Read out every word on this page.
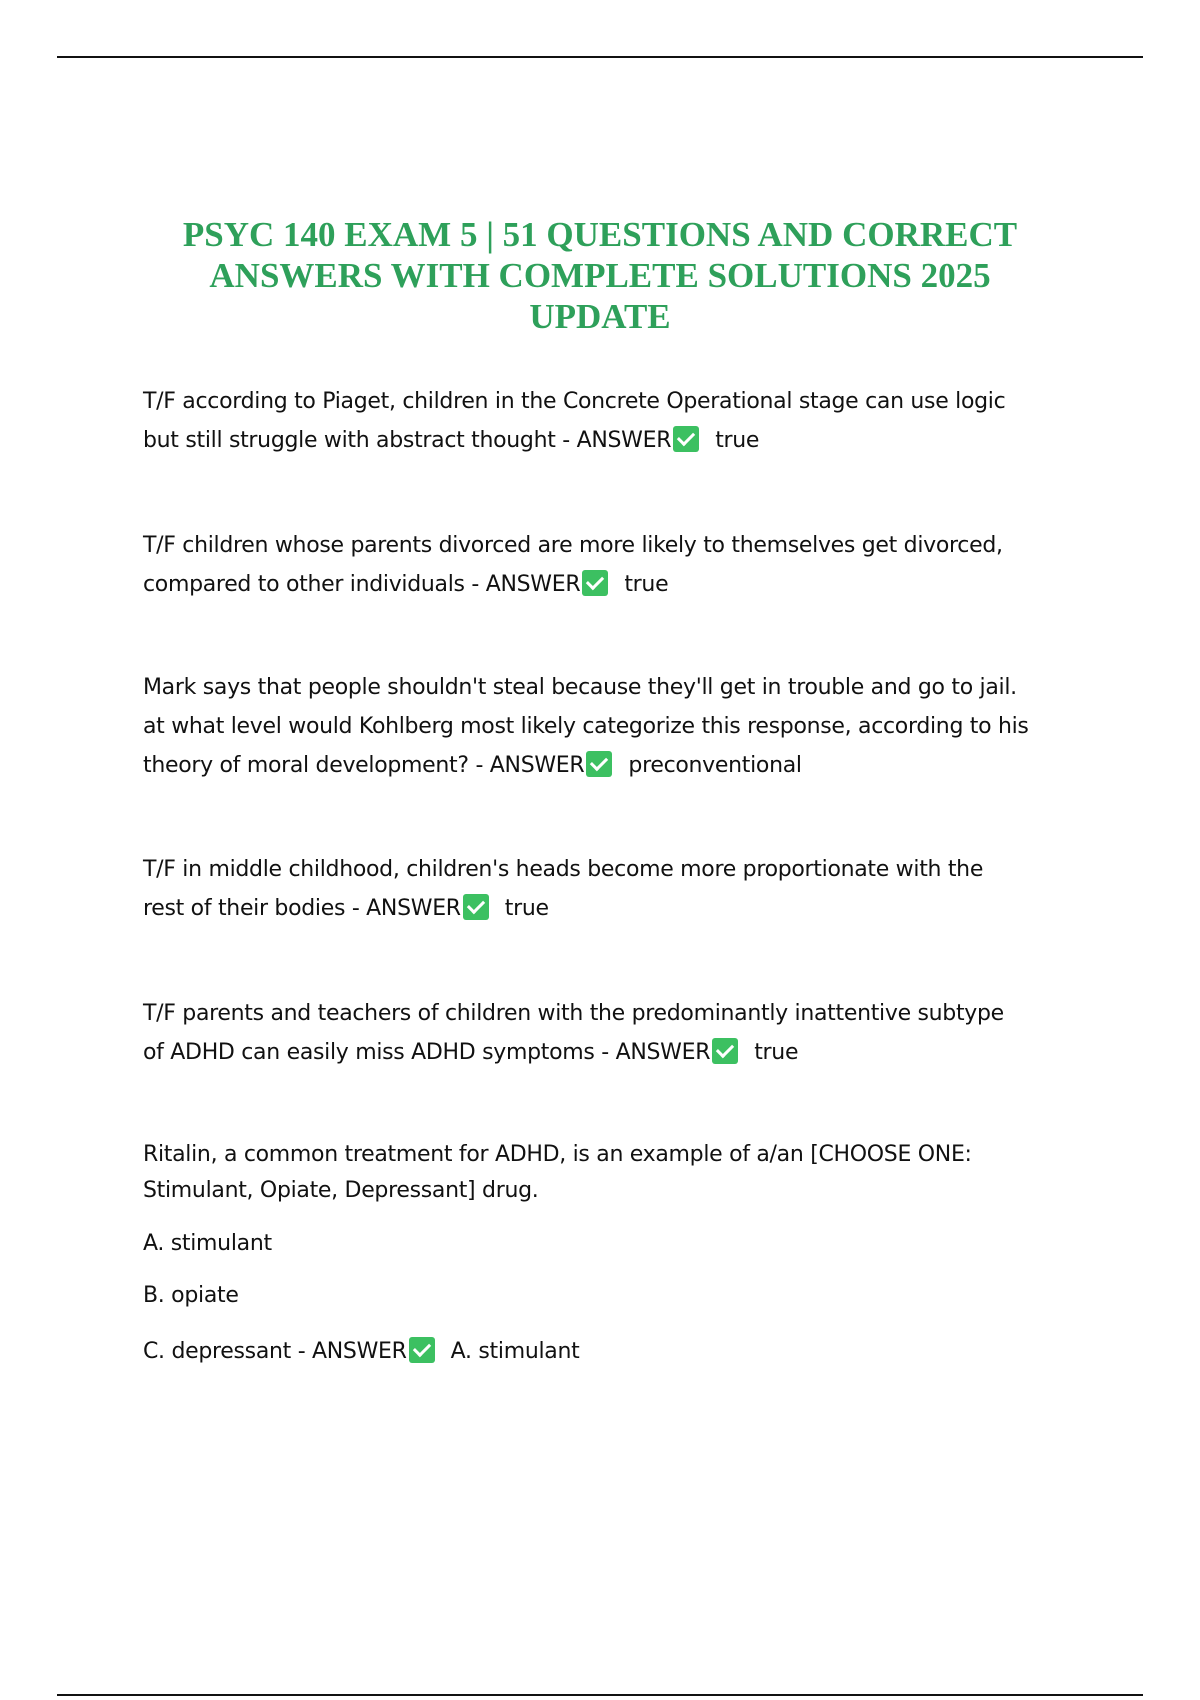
PSYC 140 EXAM 5 | 51 QUESTIONS AND CORRECT
ANSWERS WITH COMPLETE SOLUTIONS 2025
UPDATE
T/F according to Piaget, children in the Concrete Operational stage can use logic
but still struggle with abstract thought - ANSWER true
T/F children whose parents divorced are more likely to themselves get divorced,
compared to other individuals - ANSWER true
Mark says that people shouldn't steal because they'll get in trouble and go to jail.
at what level would Kohlberg most likely categorize this response, according to his
theory of moral development? - ANSWER preconventional
T/F in middle childhood, children's heads become more proportionate with the
rest of their bodies - ANSWER true
T/F parents and teachers of children with the predominantly inattentive subtype
of ADHD can easily miss ADHD symptoms - ANSWER true
Ritalin, a common treatment for ADHD, is an example of a/an [CHOOSE ONE:
Stimulant, Opiate, Depressant] drug.
A. stimulant
B. opiate
C. depressant - ANSWER A. stimulant
